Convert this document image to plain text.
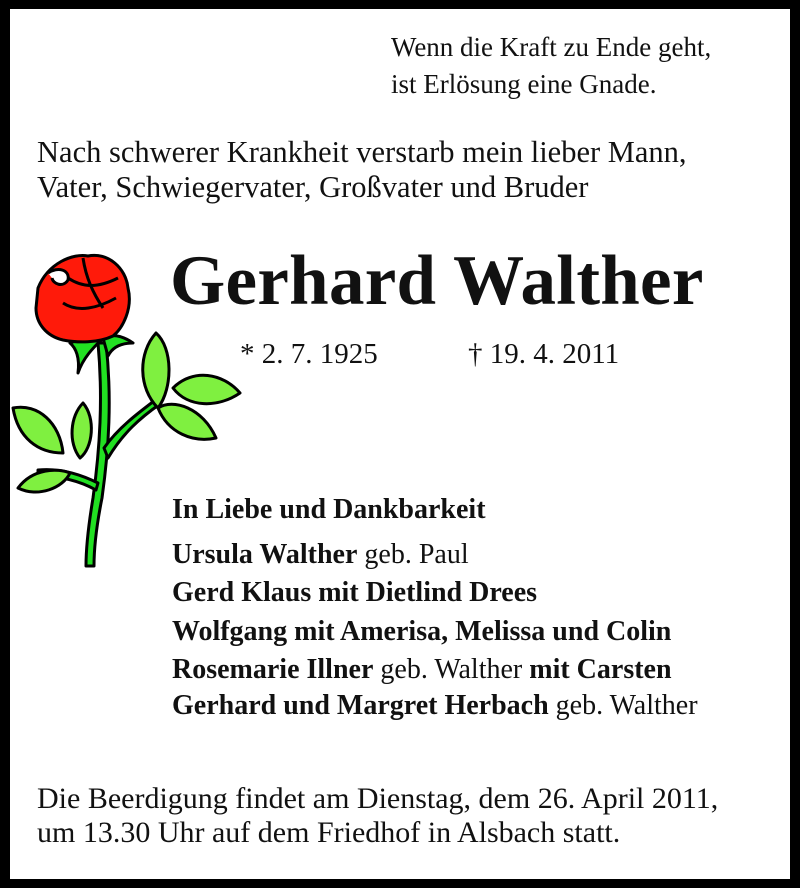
Wenn die Kraft zu Ende geht,
ist Erlösung eine Gnade.
Nach schwerer Krankheit verstarb mein lieber Mann,
Vater, Schwiegervater, Großvater und Bruder
Gerhard Walther
* 2. 7. 1925	† 19. 4. 2011
In Liebe und Dankbarkeit
Ursula Walther geb. Paul
Gerd Klaus mit Dietlind Drees
Wolfgang mit Amerisa, Melissa und Colin
Rosemarie Illner geb. Walther mit Carsten
Gerhard und Margret Herbach geb. Walther
Die Beerdigung findet am Dienstag, dem 26. April 2011,
um 13.30 Uhr auf dem Friedhof in Alsbach statt.
